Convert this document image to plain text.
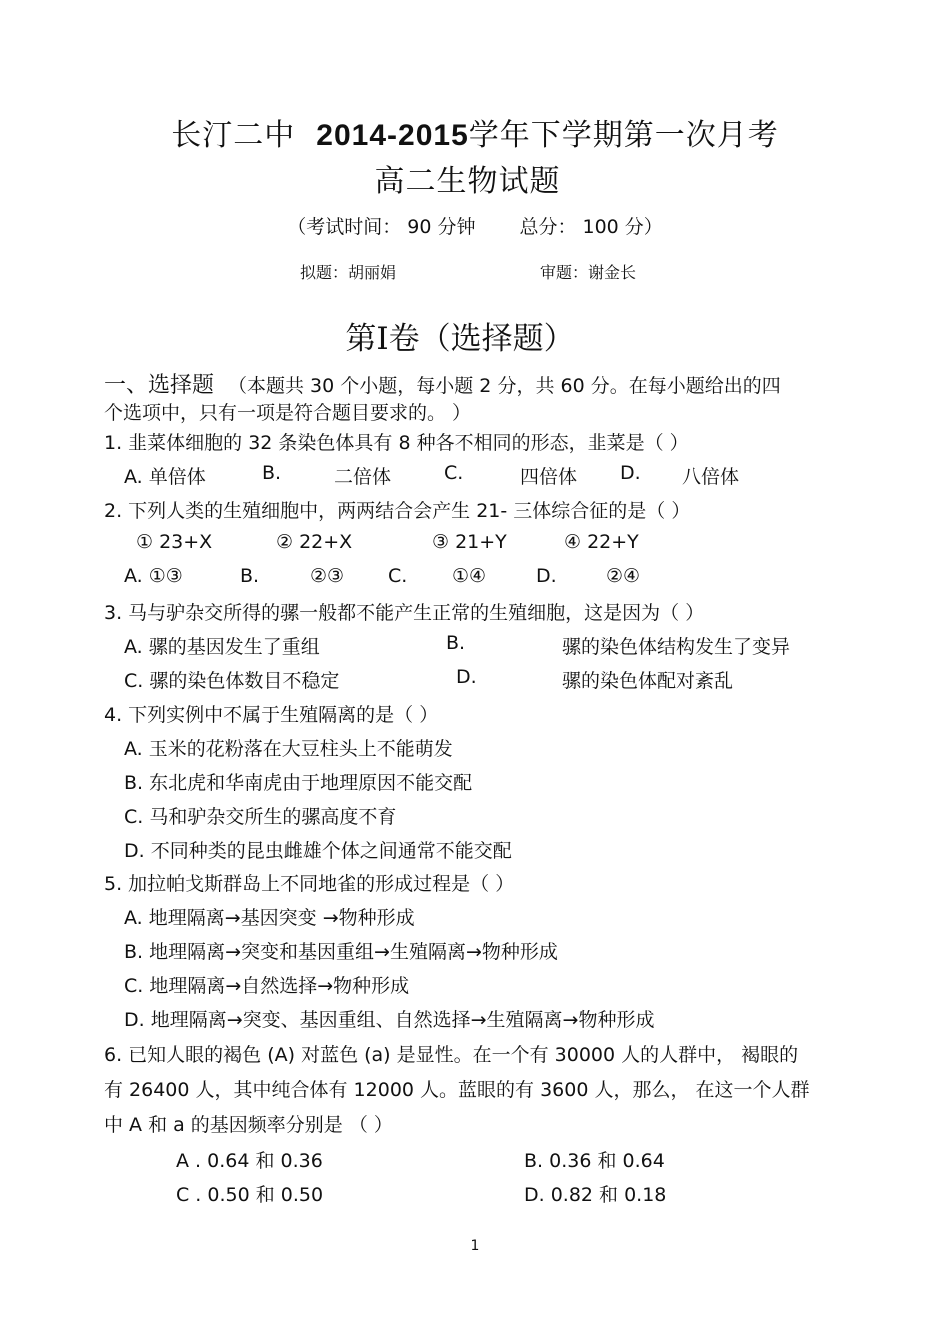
长汀二中 2014-2015学年下学期第一次月考
高二生物试题
（考试时间： 90 分钟 总分： 100 分）
拟题：胡丽娟	审题：谢金长
第Ⅰ卷（选择题）
一、选择题 （本题共 30 个小题，每小题 2 分，共 60 分。在每小题给出的四
个选项中，只有一项是符合题目要求的。 ）
1. 韭菜体细胞的 32 条染色体具有 8 种各不相同的形态，韭菜是（ ）
A. 单倍体	B.	二倍体	C.	四倍体 D. 八倍体
2. 下列人类的生殖细胞中，两两结合会产生 21- 三体综合征的是（ ）
① 23+X	② 22+X	③ 21+Y	④ 22+Y
A. ①③	B.	②③ C. ①④	D.	②④
3. 马与驴杂交所得的骡一般都不能产生正常的生殖细胞，这是因为（ ）
A. 骡的基因发生了重组	B.	骡的染色体结构发生了变异
C. 骡的染色体数目不稳定	D.	骡的染色体配对紊乱
4. 下列实例中不属于生殖隔离的是（ ）
A. 玉米的花粉落在大豆柱头上不能萌发
B. 东北虎和华南虎由于地理原因不能交配
C. 马和驴杂交所生的骡高度不育
D. 不同种类的昆虫雌雄个体之间通常不能交配
5. 加拉帕戈斯群岛上不同地雀的形成过程是（ ）
A. 地理隔离→基因突变 →物种形成
B. 地理隔离→突变和基因重组→生殖隔离→物种形成
C. 地理隔离→自然选择→物种形成
D. 地理隔离→突变、基因重组、自然选择→生殖隔离→物种形成
6. 已知人眼的褐色 (A) 对蓝色 (a) 是显性。在一个有 30000 人的人群中， 褐眼的
有 26400 人，其中纯合体有 12000 人。蓝眼的有 3600 人，那么， 在这一个人群
中 A 和 a 的基因频率分别是 （ ）
A . 0.64 和 0.36	B. 0.36 和 0.64
C . 0.50 和 0.50	D. 0.82 和 0.18
1
